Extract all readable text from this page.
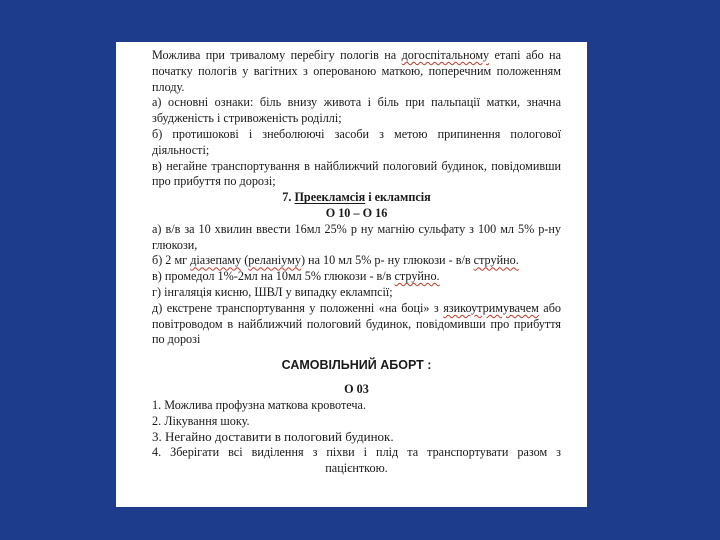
Можлива при тривалому перебігу пологів на догоспітальному етапі або на початку пологів у вагітних з оперованою маткою, поперечним положенням плоду.

а) основні ознаки: біль внизу живота і біль при пальпації матки, значна збудженість і стривоженість роділлі;

б) протишокові і знеболюючі засоби з метою припинення пологової діяльності;

в) негайне транспортування в найближчий пологовий будинок, повідомивши про прибуття по дорозі;

7. Преекламсія і еклампсія

О 10 – О 16

а) в/в за 10 хвилин ввести 16мл 25% р ну магнію сульфату з 100 мл 5% р-ну глюкози,

б) 2 мг діазепаму (реланіуму) на 10 мл 5% р- ну глюкози - в/в струйно.

в) промедол 1%-2мл на 10мл 5% глюкози - в/в струйно.

г) інгаляція кисню, ШВЛ у випадку еклампсії;

д) екстрене транспортування у положенні «на боці» з язикоутримувачем або повітроводом в найближчий пологовий будинок, повідомивши про прибуття по дорозі

САМОВІЛЬНИЙ АБОРТ :

О 03

1. Можлива профузна маткова кровотеча.

2. Лікування шоку.

3. Негайно доставити в пологовий будинок.

4. Зберігати всі виділення з піхви і плід та транспортувати разом з пацієнткою.
